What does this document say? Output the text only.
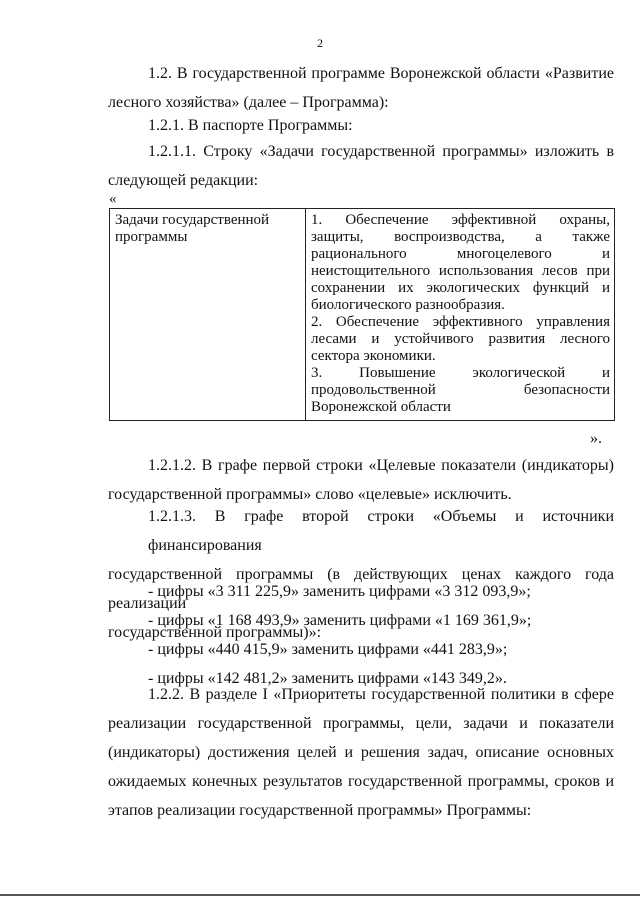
2
1.2. В государственной программе Воронежской области «Развитие
лесного хозяйства» (далее – Программа):
1.2.1. В паспорте Программы:
1.2.1.1. Строку «Задачи государственной программы» изложить в
следующей редакции:
«
Задачи государственной
программы

1. Обеспечение эффективной охраны,
защиты, воспроизводства, а также
рационального многоцелевого и
неистощительного использования лесов при
сохранении их экологических функций и
биологического разнообразия.
2. Обеспечение эффективного управления
лесами и устойчивого развития лесного
сектора экономики.
3. Повышение экологической и
продовольственной безопасности
Воронежской области
».
1.2.1.2. В графе первой строки «Целевые показатели (индикаторы)
государственной программы» слово «целевые» исключить.
1.2.1.3. В графе второй строки «Объемы и источники финансирования
государственной программы (в действующих ценах каждого года реализации
государственной программы)»:
- цифры «3 311 225,9» заменить цифрами «3 312 093,9»;
- цифры «1 168 493,9» заменить цифрами «1 169 361,9»;
- цифры «440 415,9» заменить цифрами «441 283,9»;
- цифры «142 481,2» заменить цифрами «143 349,2».
1.2.2. В разделе I «Приоритеты государственной политики в сфере
реализации государственной программы, цели, задачи и показатели
(индикаторы) достижения целей и решения задач, описание основных
ожидаемых конечных результатов государственной программы, сроков и
этапов реализации государственной программы» Программы:
